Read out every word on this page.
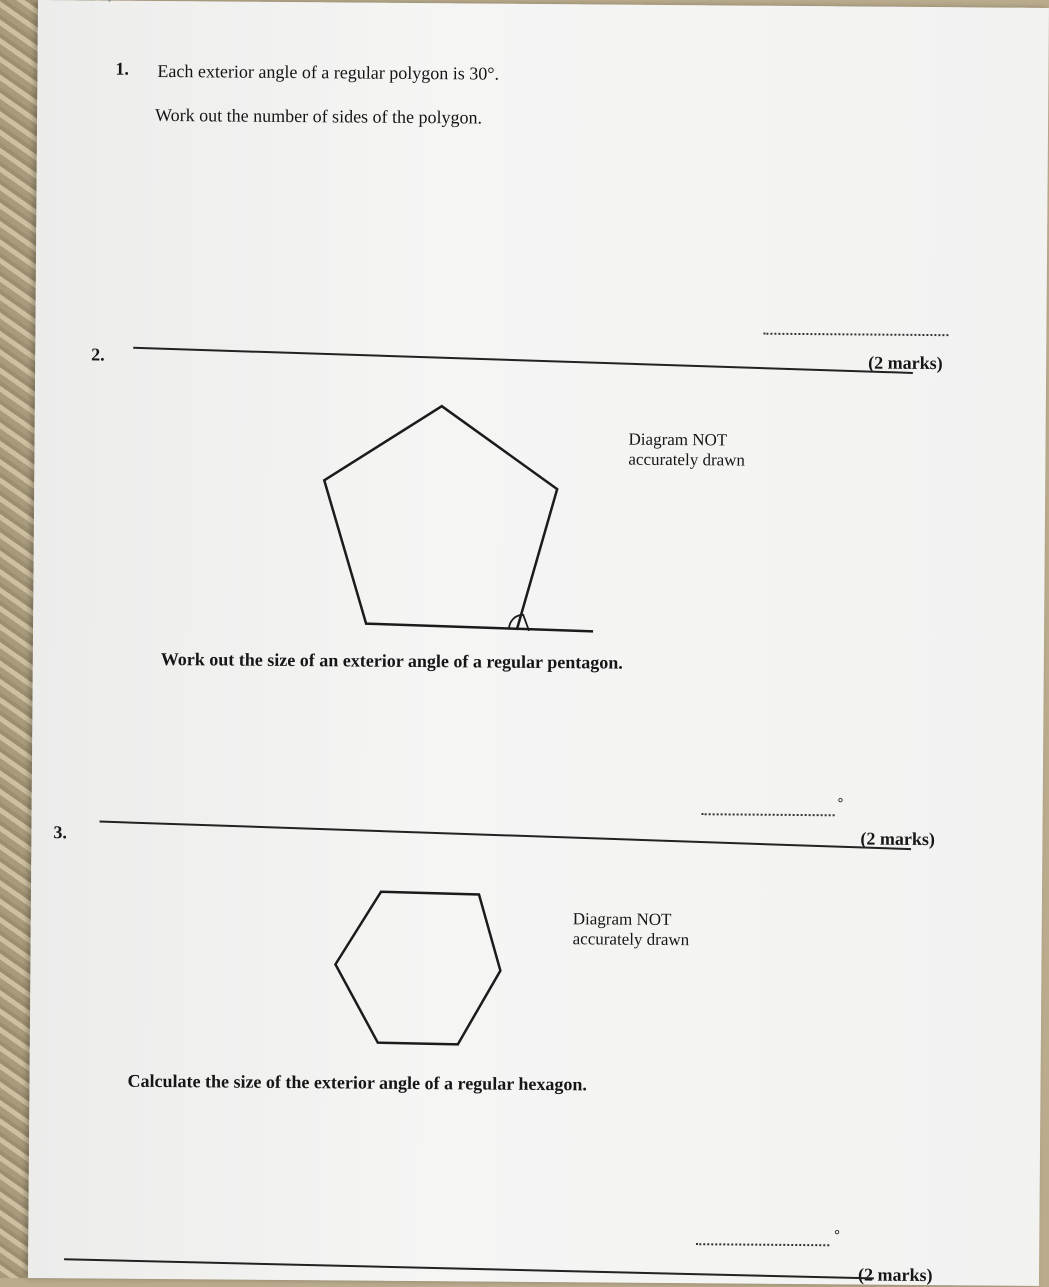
1. Each exterior angle of a regular polygon is 30°.
Work out the number of sides of the polygon.
(2 marks)
2.
Diagram NOT
accurately drawn
Work out the size of an exterior angle of a regular pentagon.
°
(2 marks)
3.
Diagram NOT
accurately drawn
Calculate the size of the exterior angle of a regular hexagon.
°
(2 marks)
